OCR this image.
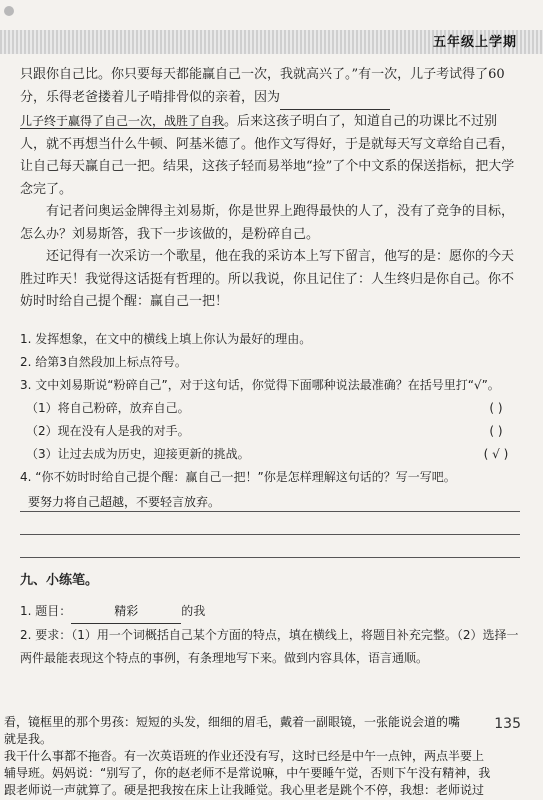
五年级上学期

只跟你自己比。你只要每天都能赢自己一次，我就高兴了。”有一次，儿子考试得了60分，乐得老爸搂着儿子啃排骨似的亲着，因为
儿子终于赢得了自己一次，战胜了自我。后来这孩子明白了，知道自己的功课比不过别人，就不再想当什么牛顿、阿基米德了。他作文写得好，于是就每天写文章给自己看，让自己每天赢自己一把。结果，这孩子轻而易举地“捡”了个中文系的保送指标，把大学念完了。

有记者问奥运金牌得主刘易斯，你是世界上跑得最快的人了，没有了竞争的目标，怎么办？刘易斯答，我下一步该做的，是粉碎自己。

还记得有一次采访一个歌星，他在我的采访本上写下留言，他写的是：愿你的今天胜过昨天！我觉得这话挺有哲理的。所以我说，你且记住了：人生终归是你自己。你不妨时时给自己提个醒：赢自己一把！

1. 发挥想象，在文中的横线上填上你认为最好的理由。
2. 给第3自然段加上标点符号。
3. 文中刘易斯说“粉碎自己”，对于这句话，你觉得下面哪种说法最准确？在括号里打“√”。
（1）将自己粉碎，放弃自己。	( )
（2）现在没有人是我的对手。	( )
（3）让过去成为历史，迎接更新的挑战。	( √ )
4. “你不妨时时给自己提个醒：赢自己一把！”你是怎样理解这句话的？写一写吧。
要努力将自己超越，不要轻言放弃。
九、小练笔。
1. 题目：	精彩	的我
2. 要求：（1）用一个词概括自己某个方面的特点，填在横线上，将题目补充完整。（2）选择一两件最能表现这个特点的事例，有条理地写下来。做到内容具体，语言通顺。
看，镜框里的那个男孩：短短的头发，细细的眉毛，戴着一副眼镜，一张能说会道的嘴
就是我。
我干什么事都不拖沓。有一次英语班的作业还没有写，这时已经是中午一点钟，两点半要上
辅导班。妈妈说：“别写了，你的赵老师不是常说嘛，中午要睡午觉，否则下午没有精神，我
跟老师说一声就算了。硬是把我按在床上让我睡觉。我心里老是跳个不停，我想：老师说过
135
